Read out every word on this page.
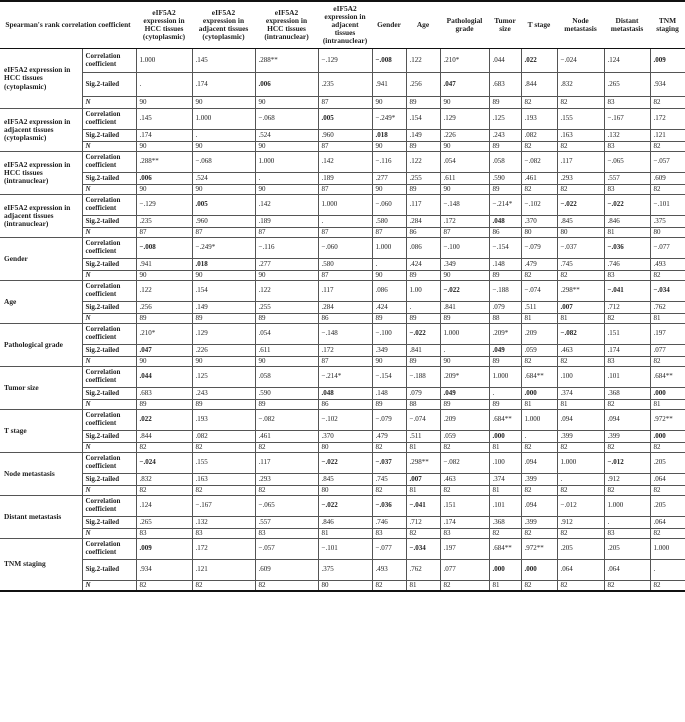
Spearman's rank correlation coefficient		eIF5A2 expression in HCC tissues (cytoplasmic)	eIF5A2 expression in adjacent tissues (cytoplasmic)	eIF5A2 expression in HCC tissues (intranuclear)	eIF5A2 expression in adjacent tissues (intranuclear)	Gender	Age	Pathologial grade	Tumor size	T stage	Node metastasis	Distant metastasis	TNM staging
eIF5A2 expression in HCC tissues (cytoplasmic)	Correlation coefficient	1.000	.145	.288**	−.129	−.008	.122	.210*	.044	.022	−.024	.124	.009
	Sig.2-tailed	.	.174	.006	.235	.941	.256	.047	.683	.844	.832	.265	.934
	N	90	90	90	87	90	89	90	89	82	82	83	82
eIF5A2 expression in adjacent tissues (cytoplasmic)	Correlation coefficient	.145	1.000	−.068	.005	−.249*	.154	.129	.125	.193	.155	−.167	.172
	Sig.2-tailed	.174	.	.524	.960	.018	.149	.226	.243	.082	.163	.132	.121
	N	90	90	90	87	90	89	90	89	82	82	83	82
eIF5A2 expression in HCC tissues (intranuclear)	Correlation coefficient	.288**	−.068	1.000	.142	−.116	.122	.054	.058	−.082	.117	−.065	−.057
	Sig.2-tailed	.006	.524	.	.189	.277	.255	.611	.590	.461	.293	.557	.609
	N	90	90	90	87	90	89	90	89	82	82	83	82
eIF5A2 expression in adjacent tissues (intranuclear)	Correlation coefficient	−.129	.005	.142	1.000	−.060	.117	−.148	−.214*	−.102	−.022	−.022	−.101
	Sig.2-tailed	.235	.960	.189	.	.580	.284	.172	.048	.370	.845	.846	.375
	N	87	87	87	87	87	86	87	86	80	80	81	80
Gender	Correlation coefficient	−.008	−.249*	−.116	−.060	1.000	.086	−.100	−.154	−.079	−.037	−.036	−.077
	Sig.2-tailed	.941	.018	.277	.580	.	.424	.349	.148	.479	.745	.746	.493
	N	90	90	90	87	90	89	90	89	82	82	83	82
Age	Correlation coefficient	.122	.154	.122	.117	.086	1.00	−.022	−.188	−.074	.298**	−.041	−.034
	Sig.2-tailed	.256	.149	.255	.284	.424	.	.841	.079	.511	.007	.712	.762
	N	89	89	89	86	89	89	89	88	81	81	82	81
Pathological grade	Correlation coefficient	.210*	.129	.054	−.148	−.100	−.022	1.000	.209*	.209	−.082	.151	.197
	Sig.2-tailed	.047	.226	.611	.172	.349	.841	.	.049	.059	.463	.174	.077
	N	90	90	90	87	90	89	90	89	82	82	83	82
Tumor size	Correlation coefficient	.044	.125	.058	−.214*	−.154	−.188	.209*	1.000	.684**	.100	.101	.684**
	Sig.2-tailed	.683	.243	.590	.048	.148	.079	.049	.	.000	.374	.368	.000
	N	89	89	89	86	89	88	89	89	81	81	82	81
T stage	Correlation coefficient	.022	.193	−.082	−.102	−.079	−.074	.209	.684**	1.000	.094	.094	.972**
	Sig.2-tailed	.844	.082	.461	.370	.479	.511	.059	.000	.	.399	.399	.000
	N	82	82	82	80	82	81	82	81	82	82	82	82
Node metastasis	Correlation coefficient	−.024	.155	.117	−.022	−.037	.298**	−.082	.100	.094	1.000	−.012	.205
	Sig.2-tailed	.832	.163	.293	.845	.745	.007	.463	.374	.399	.	.912	.064
	N	82	82	82	80	82	81	82	81	82	82	82	82
Distant metastasis	Correlation coefficient	.124	−.167	−.065	−.022	−.036	−.041	.151	.101	.094	−.012	1.000	.205
	Sig.2-tailed	.265	.132	.557	.846	.746	.712	.174	.368	.399	.912	.	.064
	N	83	83	83	81	83	82	83	82	82	82	83	82
TNM staging	Correlation coefficient	.009	.172	−.057	−.101	−.077	−.034	.197	.684**	.972**	.205	.205	1.000
	Sig.2-tailed	.934	.121	.609	.375	.493	.762	.077	.000	.000	.064	.064	.
	N	82	82	82	80	82	81	82	81	82	82	82	82
